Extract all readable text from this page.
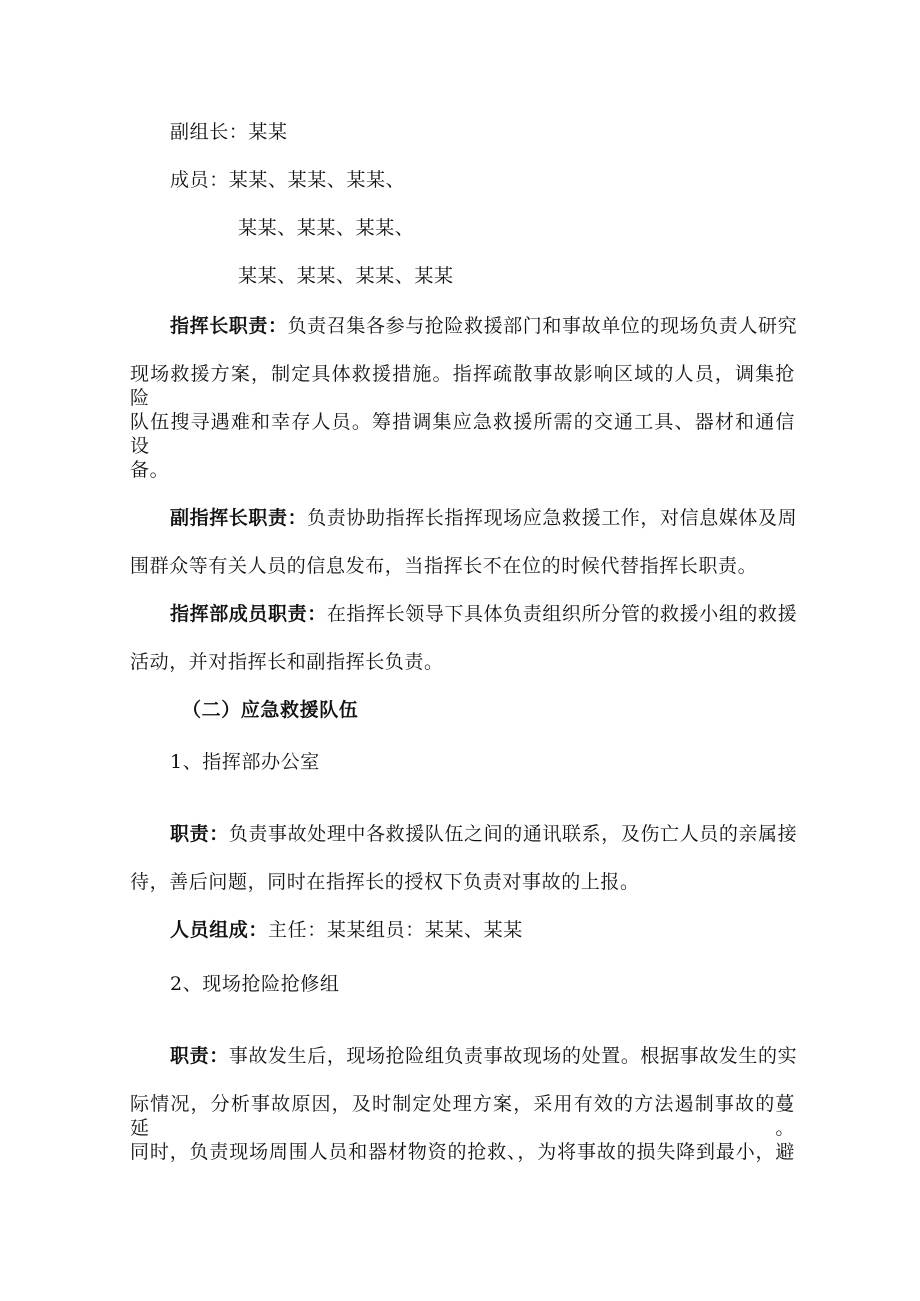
副组长：某某
成员：某某、某某、某某、
某某、某某、某某、
某某、某某、某某、某某
指挥长职责：负责召集各参与抢险救援部门和事故单位的现场负责人研究
现场救援方案，制定具体救援措施。指挥疏散事故影响区域的人员，调集抢险
队伍搜寻遇难和幸存人员。筹措调集应急救援所需的交通工具、器材和通信设
备。
副指挥长职责：负责协助指挥长指挥现场应急救援工作，对信息媒体及周
围群众等有关人员的信息发布，当指挥长不在位的时候代替指挥长职责。
指挥部成员职责：在指挥长领导下具体负责组织所分管的救援小组的救援
活动，并对指挥长和副指挥长负责。
（二）应急救援队伍
1、指挥部办公室
职责：负责事故处理中各救援队伍之间的通讯联系，及伤亡人员的亲属接
待，善后问题，同时在指挥长的授权下负责对事故的上报。
人员组成：主任：某某组员：某某、某某
2、现场抢险抢修组
职责：事故发生后，现场抢险组负责事故现场的处置。根据事故发生的实
际情况，分析事故原因，及时制定处理方案，采用有效的方法遏制事故的蔓延。
同时，负责现场周围人员和器材物资的抢救、，为将事故的损失降到最小，避
